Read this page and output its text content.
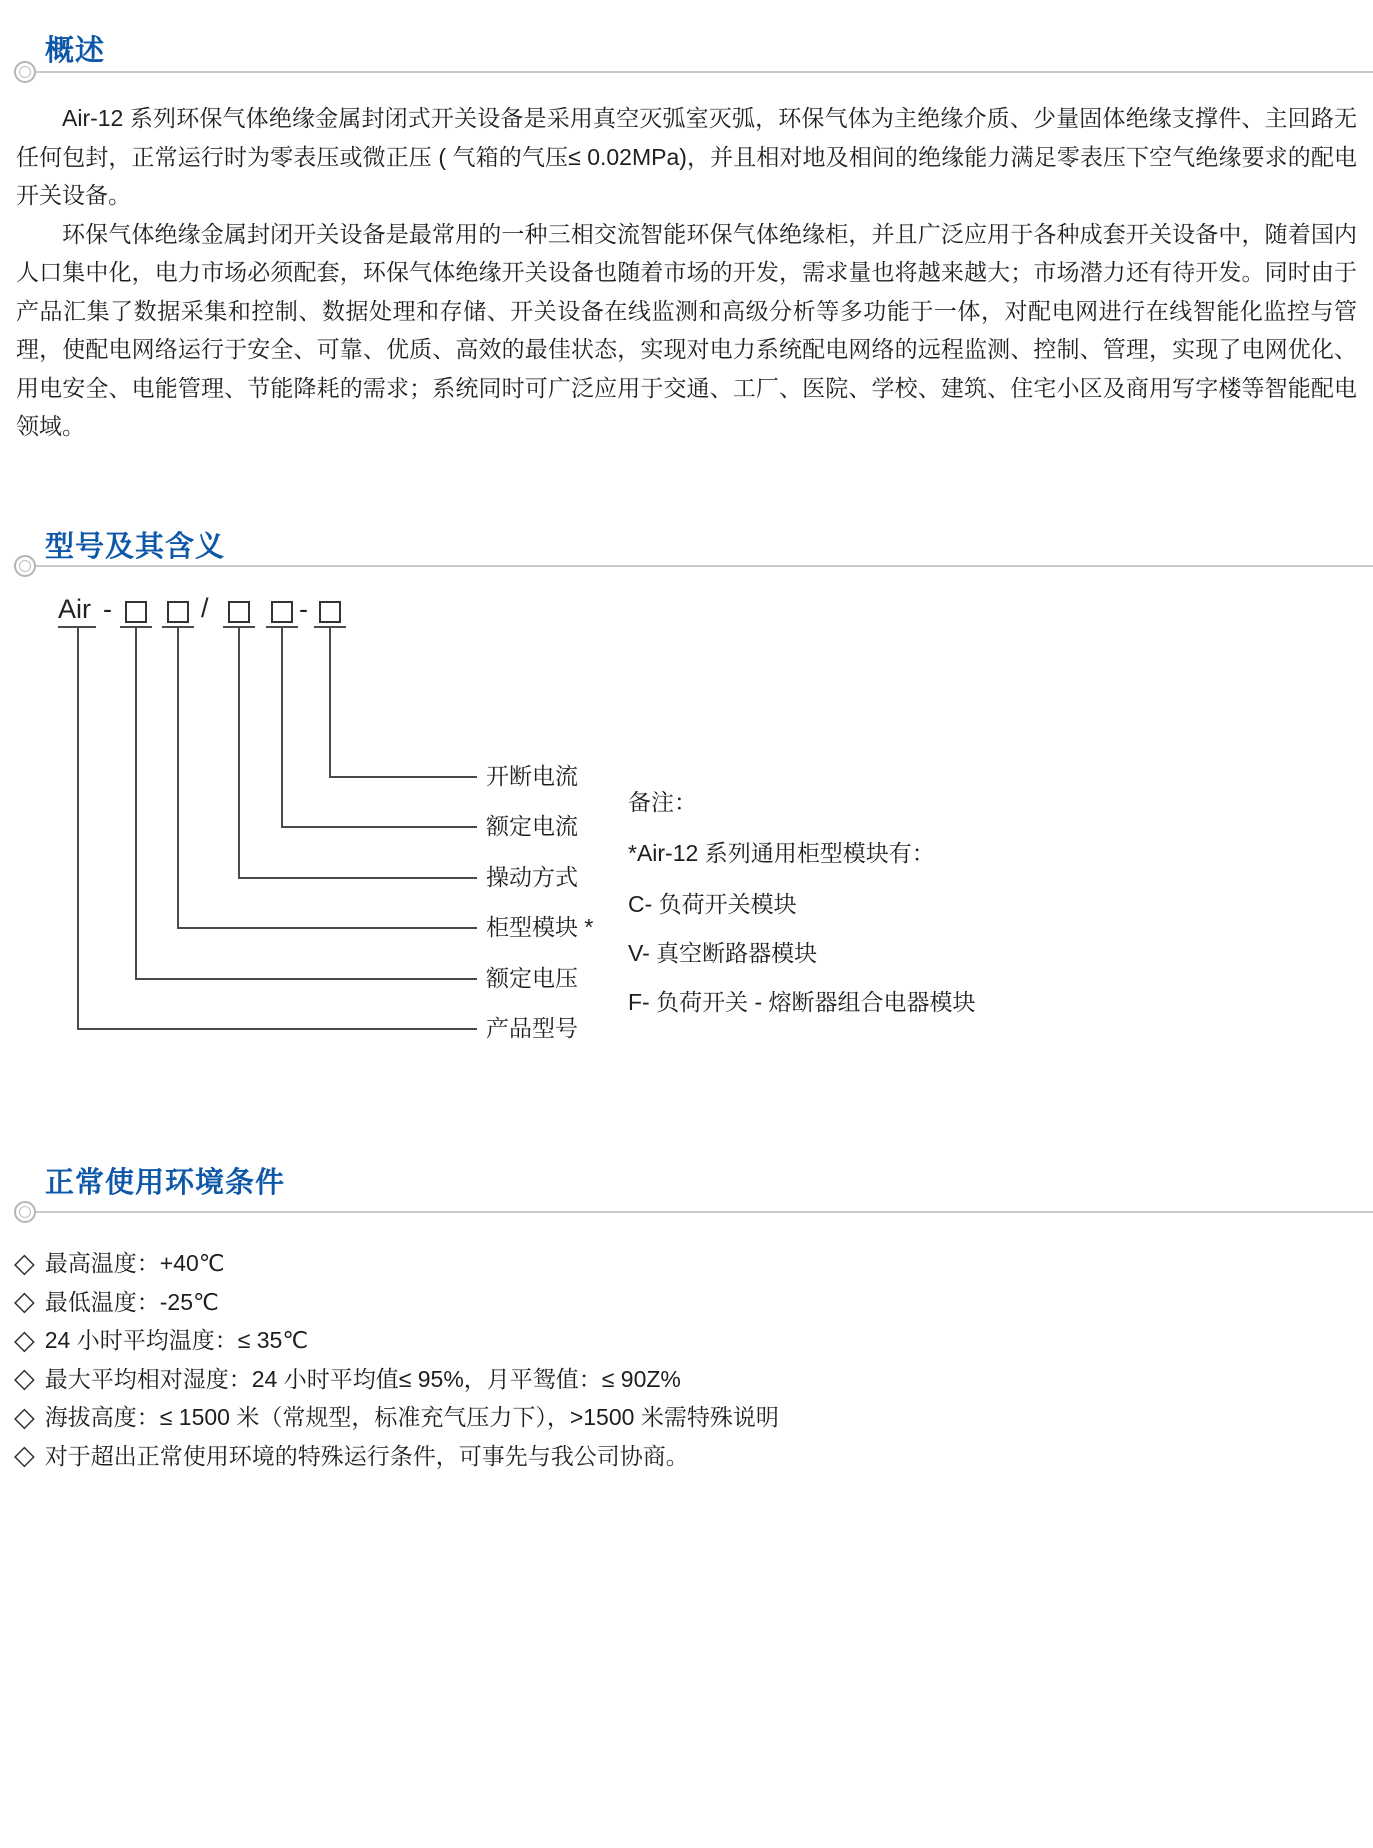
概述

Air-12 系列环保气体绝缘金属封闭式开关设备是采用真空灭弧室灭弧，环保气体为主绝缘介质、少量固体绝缘支撑件、主回路无任何包封，正常运行时为零表压或微正压 ( 气箱的气压≤ 0.02MPa)，并且相对地及相间的绝缘能力满足零表压下空气绝缘要求的配电开关设备。

环保气体绝缘金属封闭开关设备是最常用的一种三相交流智能环保气体绝缘柜，并且广泛应用于各种成套开关设备中，随着国内人口集中化，电力市场必须配套，环保气体绝缘开关设备也随着市场的开发，需求量也将越来越大；市场潜力还有待开发。同时由于产品汇集了数据采集和控制、数据处理和存储、开关设备在线监测和高级分析等多功能于一体，对配电网进行在线智能化监控与管理，使配电网络运行于安全、可靠、优质、高效的最佳状态，实现对电力系统配电网络的远程监测、控制、管理，实现了电网优化、用电安全、电能管理、节能降耗的需求；系统同时可广泛应用于交通、工厂、医院、学校、建筑、住宅小区及商用写字楼等智能配电领域。

型号及其含义
Air -	/	-
开断电流
额定电流
操动方式
柜型模块 *
额定电压
产品型号
备注：
*Air-12 系列通用柜型模块有：
C- 负荷开关模块
V- 真空断路器模块
F- 负荷开关 - 熔断器组合电器模块
正常使用环境条件
◇ 最高温度：+40℃
◇ 最低温度：-25℃
◇ 24 小时平均温度：≤ 35℃
◇ 最大平均相对湿度：24 小时平均值≤ 95%，月平鸳值：≤ 90Z%
◇ 海拔高度：≤ 1500 米（常规型，标准充气压力下），>1500 米需特殊说明
◇ 对于超出正常使用环境的特殊运行条件，可事先与我公司协商。
